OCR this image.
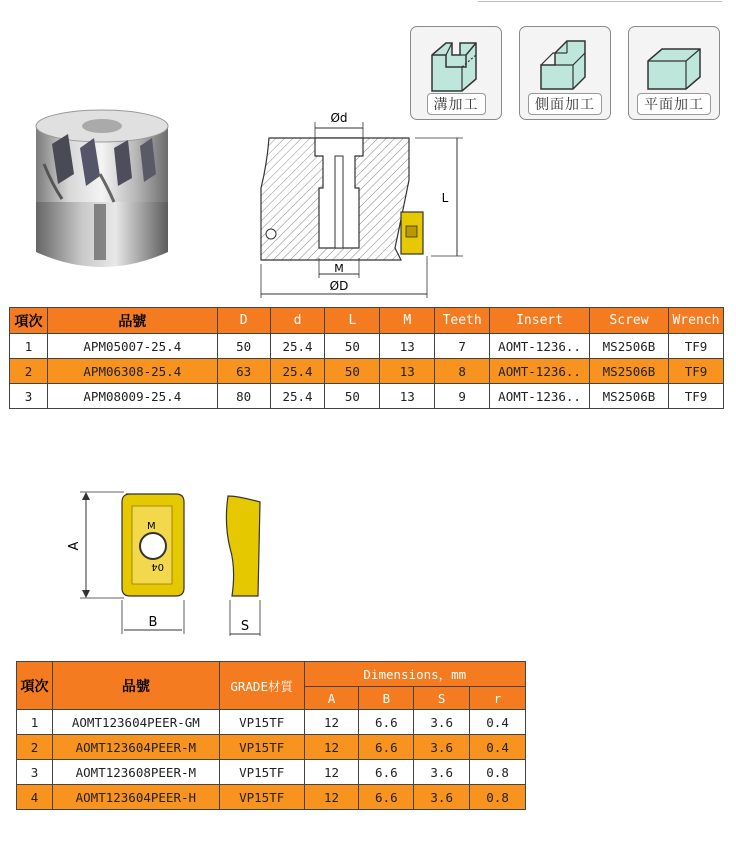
溝加工	側面加工	平面加工
Ød
M
ØD
L
項次	品號	D	d	L	M	Teeth	Insert	Screw	Wrench
1	APM05007-25.4	50	25.4	50	13	7	AOMT-1236..	MS2506B	TF9
2	APM06308-25.4	63	25.4	50	13	8	AOMT-1236..	MS2506B	TF9
3	APM08009-25.4	80	25.4	50	13	9	AOMT-1236..	MS2506B	TF9
A
M
04
B	S
項次	品號	GRADE材質	Dimensions，mm			
			A	B	S	r
1	AOMT123604PEER-GM	VP15TF	12	6.6	3.6	0.4
2	AOMT123604PEER-M	VP15TF	12	6.6	3.6	0.4
3	AOMT123608PEER-M	VP15TF	12	6.6	3.6	0.8
4	AOMT123604PEER-H	VP15TF	12	6.6	3.6	0.8
